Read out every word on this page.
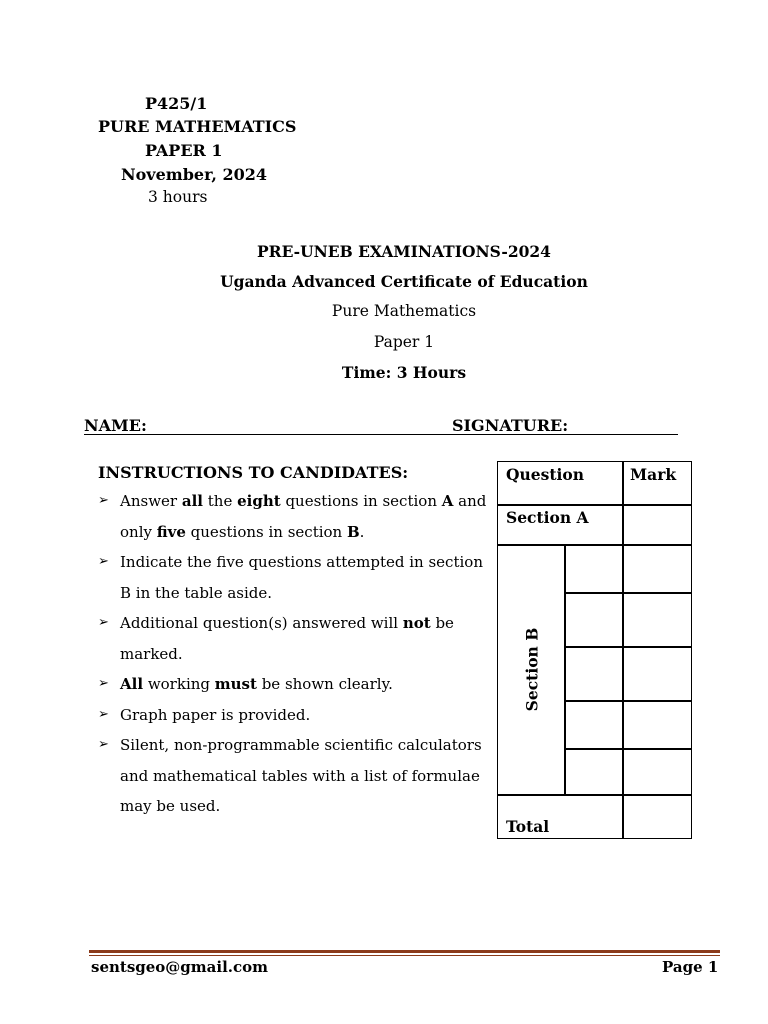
P425/1
PURE MATHEMATICS
PAPER 1
November, 2024
3 hours
PRE-UNEB EXAMINATIONS-2024
Uganda Advanced Certificate of Education
Pure Mathematics
Paper 1
Time: 3 Hours
NAME:	SIGNATURE:
INSTRUCTIONS TO CANDIDATES:
➢ Answer all the eight questions in section A and only five questions in section B.
➢ Indicate the five questions attempted in section B in the table aside.
➢ Additional question(s) answered will not be marked.
➢ All working must be shown clearly.
➢ Graph paper is provided.
➢ Silent, non-programmable scientific calculators and mathematical tables with a list of formulae may be used.
Question	Mark
Section A
Section B
Total
sentsgeo@gmail.com	Page 1
